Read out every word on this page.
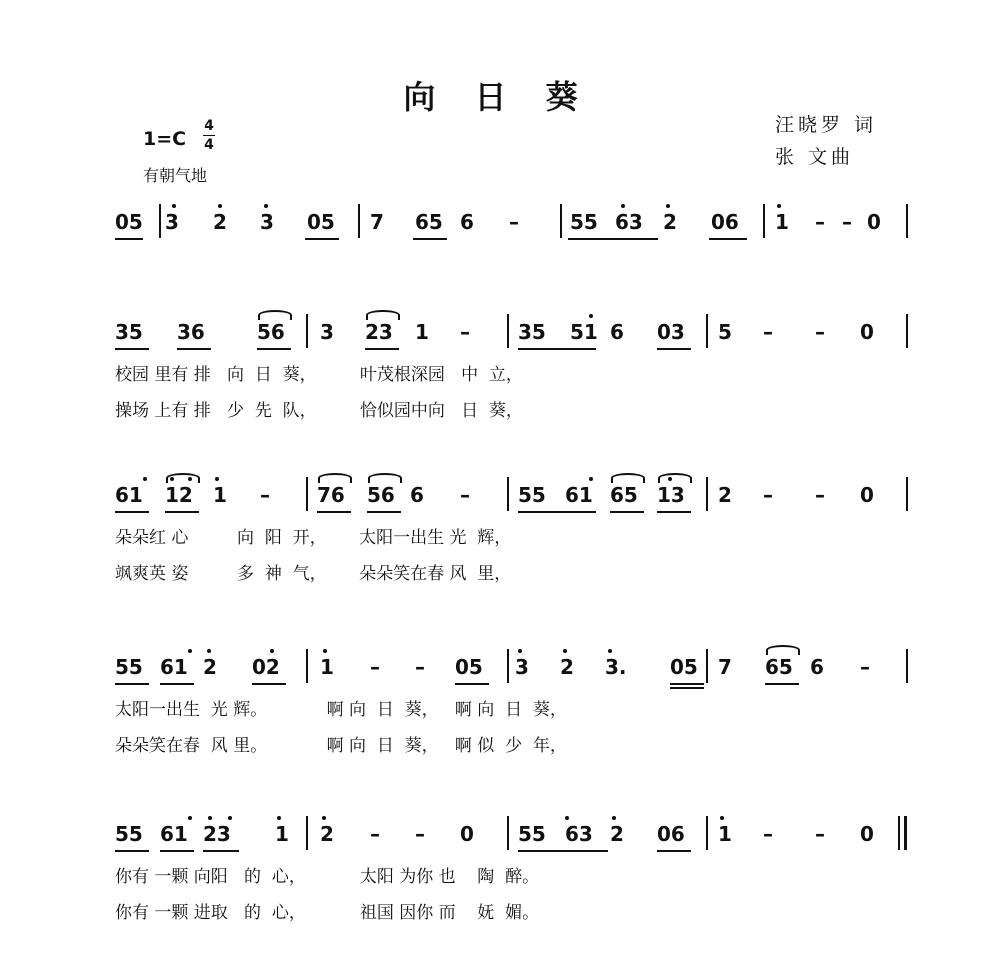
向 日 葵
1=C
4
4
有朝气地
汪晓罗 词
张 文曲
05 3 2 3 05 7 65 6 –	55 63 2 06 1 – – 0
35 36	56 3 23 1 – 35 51 6 03 5 – – 0
校园 里有 排   向  日  葵，        叶茂根深园   中  立，
操场 上有 排   少  先  队，        恰似园中向   日  葵，
61 12 1 – 76 56 6 – 55 61 65 13 2 – – 0
朵朵红 心         向  阳  开，      太阳一出生 光  辉，
飒爽英 姿         多  神  气，      朵朵笑在春 风  里，
55 61 2 02 1 – – 05 3 2 3. 05 7 65 6 –
太阳一出生  光 辉。           啊 向  日  葵，   啊 向  日  葵，
朵朵笑在春  风 里。           啊 向  日  葵，   啊 似  少  年，
55 61 23 1 2 – – 0 55 63 2 06 1 – – 0
你有 一颗 向阳   的  心，          太阳 为你 也    陶  醉。
你有 一颗 进取   的  心，          祖国 因你 而    妩  媚。
